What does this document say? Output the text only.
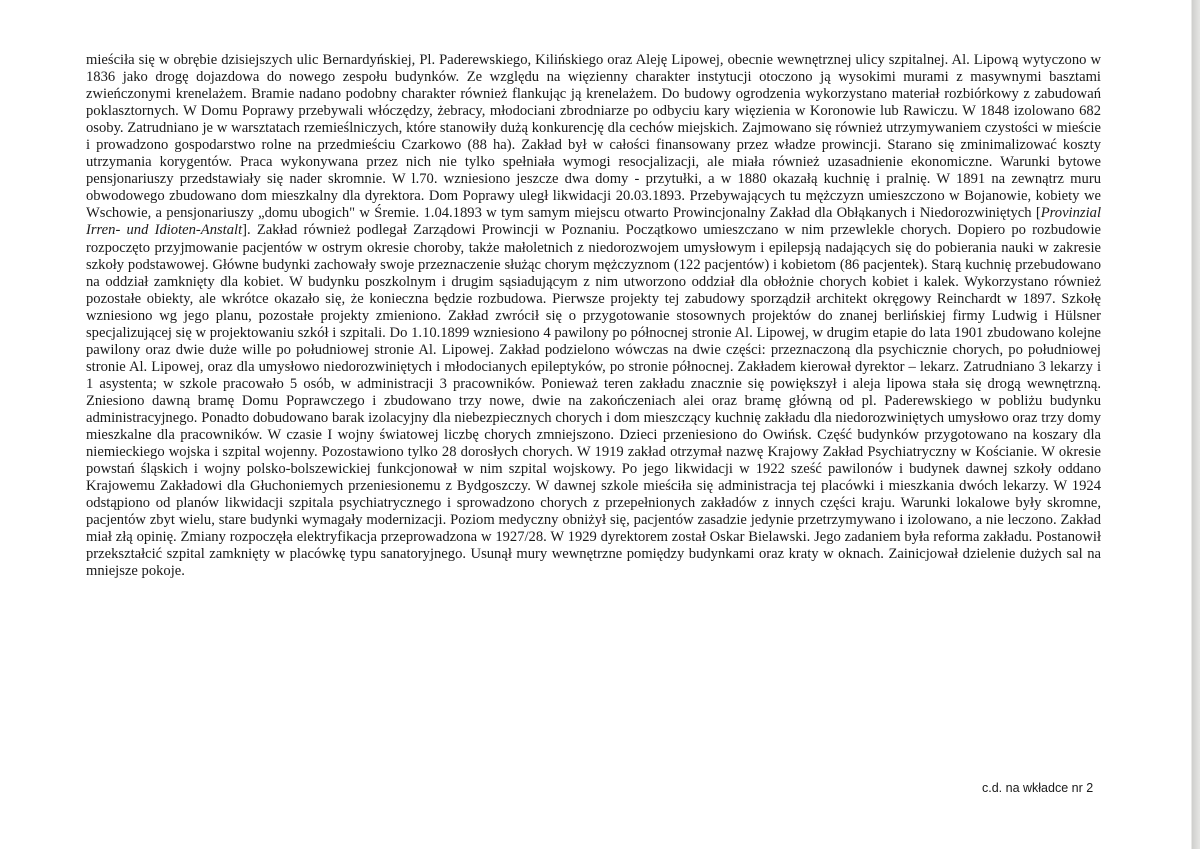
mieściła się w obrębie dzisiejszych ulic Bernardyńskiej, Pl. Paderewskiego, Kilińskiego oraz Aleję Lipowej, obecnie wewnętrznej ulicy szpitalnej. Al. Lipową wytyczono w 1836 jako drogę dojazdowa do nowego zespołu budynków. Ze względu na więzienny charakter instytucji otoczono ją wysokimi murami z masywnymi basztami zwieńczonymi krenelażem. Bramie nadano podobny charakter również flankując ją krenelażem. Do budowy ogrodzenia wykorzystano materiał rozbiórkowy z zabudowań poklasztornych. W Domu Poprawy przebywali włóczędzy, żebracy, młodociani zbrodniarze po odbyciu kary więzienia w Koronowie lub Rawiczu. W 1848 izolowano 682 osoby. Zatrudniano je w warsztatach rzemieślniczych, które stanowiły dużą konkurencję dla cechów miejskich. Zajmowano się również utrzymywaniem czystości w mieście i prowadzono gospodarstwo rolne na przedmieściu Czarkowo (88 ha). Zakład był w całości finansowany przez władze prowincji. Starano się zminimalizować koszty utrzymania korygentów. Praca wykonywana przez nich nie tylko spełniała wymogi resocjalizacji, ale miała również uzasadnienie ekonomiczne. Warunki bytowe pensjonariuszy przedstawiały się nader skromnie. W l.70. wzniesiono jeszcze dwa domy - przytułki, a w 1880 okazałą kuchnię i pralnię. W 1891 na zewnątrz muru obwodowego zbudowano dom mieszkalny dla dyrektora. Dom Poprawy uległ likwidacji 20.03.1893. Przebywających tu mężczyzn umieszczono w Bojanowie, kobiety we Wschowie, a pensjonariuszy „domu ubogich" w Śremie. 1.04.1893 w tym samym miejscu otwarto Prowincjonalny Zakład dla Obłąkanych i Niedorozwiniętych [Provinzial Irren- und Idioten-Anstalt]. Zakład również podlegał Zarządowi Prowincji w Poznaniu. Początkowo umieszczano w nim przewlekle chorych. Dopiero po rozbudowie rozpoczęto przyjmowanie pacjentów w ostrym okresie choroby, także małoletnich z niedorozwojem umysłowym i epilepsją nadających się do pobierania nauki w zakresie szkoły podstawowej. Główne budynki zachowały swoje przeznaczenie służąc chorym mężczyznom (122 pacjentów) i kobietom (86 pacjentek). Starą kuchnię przebudowano na oddział zamknięty dla kobiet. W budynku poszkolnym i drugim sąsiadującym z nim utworzono oddział dla obłożnie chorych kobiet i kalek. Wykorzystano również pozostałe obiekty, ale wkrótce okazało się, że konieczna będzie rozbudowa. Pierwsze projekty tej zabudowy sporządził architekt okręgowy Reinchardt w 1897. Szkołę wzniesiono wg jego planu, pozostałe projekty zmieniono. Zakład zwrócił się o przygotowanie stosownych projektów do znanej berlińskiej firmy Ludwig i Hülsner specjalizującej się w projektowaniu szkół i szpitali. Do 1.10.1899 wzniesiono 4 pawilony po północnej stronie Al. Lipowej, w drugim etapie do lata 1901 zbudowano kolejne pawilony oraz dwie duże wille po południowej stronie Al. Lipowej. Zakład podzielono wówczas na dwie części: przeznaczoną dla psychicznie chorych, po południowej stronie Al. Lipowej, oraz dla umysłowo niedorozwiniętych i młodocianych epileptyków, po stronie północnej. Zakładem kierował dyrektor – lekarz. Zatrudniano 3 lekarzy i 1 asystenta; w szkole pracowało 5 osób, w administracji 3 pracowników. Ponieważ teren zakładu znacznie się powiększył i aleja lipowa stała się drogą wewnętrzną. Zniesiono dawną bramę Domu Poprawczego i zbudowano trzy nowe, dwie na zakończeniach alei oraz bramę główną od pl. Paderewskiego w pobliżu budynku administracyjnego. Ponadto dobudowano barak izolacyjny dla niebezpiecznych chorych i dom mieszczący kuchnię zakładu dla niedorozwiniętych umysłowo oraz trzy domy mieszkalne dla pracowników. W czasie I wojny światowej liczbę chorych zmniejszono. Dzieci przeniesiono do Owińsk. Część budynków przygotowano na koszary dla niemieckiego wojska i szpital wojenny. Pozostawiono tylko 28 dorosłych chorych. W 1919 zakład otrzymał nazwę Krajowy Zakład Psychiatryczny w Kościanie. W okresie powstań śląskich i wojny polsko-bolszewickiej funkcjonował w nim szpital wojskowy. Po jego likwidacji w 1922 sześć pawilonów i budynek dawnej szkoły oddano Krajowemu Zakładowi dla Głuchoniemych przeniesionemu z Bydgoszczy. W dawnej szkole mieściła się administracja tej placówki i mieszkania dwóch lekarzy. W 1924 odstąpiono od planów likwidacji szpitala psychiatrycznego i sprowadzono chorych z przepełnionych zakładów z innych części kraju. Warunki lokalowe były skromne, pacjentów zbyt wielu, stare budynki wymagały modernizacji. Poziom medyczny obniżył się, pacjentów zasadzie jedynie przetrzymywano i izolowano, a nie leczono. Zakład miał złą opinię. Zmiany rozpoczęła elektryfikacja przeprowadzona w 1927/28. W 1929 dyrektorem został Oskar Bielawski. Jego zadaniem była reforma zakładu. Postanowił przekształcić szpital zamknięty w placówkę typu sanatoryjnego. Usunął mury wewnętrzne pomiędzy budynkami oraz kraty w oknach. Zainicjował dzielenie dużych sal na mniejsze pokoje.

c.d. na wkładce nr 2
